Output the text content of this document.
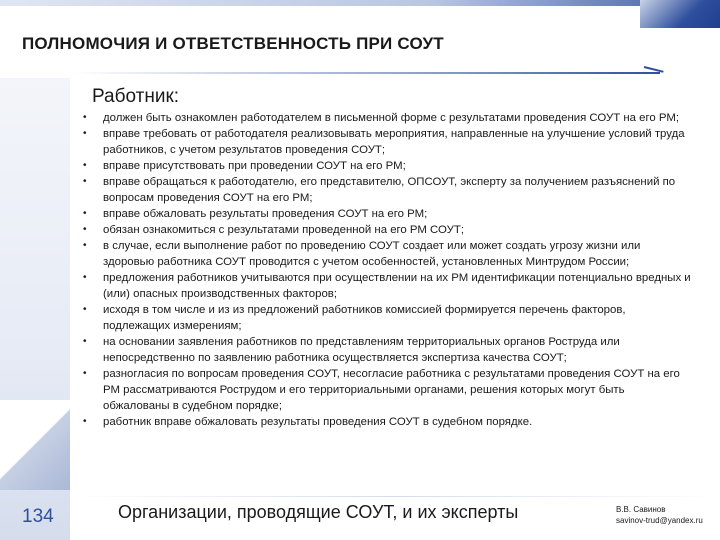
ПОЛНОМОЧИЯ И ОТВЕТСТВЕННОСТЬ ПРИ СОУТ
Работник:
• должен быть ознакомлен работодателем в письменной форме с результатами проведения СОУТ на его РМ;
• вправе требовать от работодателя реализовывать мероприятия, направленные на улучшение условий труда работников, с учетом результатов проведения СОУТ;
• вправе присутствовать при проведении СОУТ на его РМ;
• вправе обращаться к работодателю, его представителю, ОПСОУТ, эксперту за получением разъяснений по вопросам проведения СОУТ на его РМ;
• вправе обжаловать результаты проведения СОУТ на его РМ;
• обязан ознакомиться с результатами проведенной на его РМ СОУТ;
• в случае, если выполнение работ по проведению СОУТ создает или может создать угрозу жизни или здоровью работника СОУТ проводится с учетом особенностей, установленных Минтрудом России;
• предложения работников учитываются при осуществлении на их РМ идентификации потенциально вредных и (или) опасных производственных факторов;
• исходя в том числе и из из предложений работников комиссией формируется перечень факторов, подлежащих измерениям;
• на основании заявления работников по представлениям территориальных органов Роструда или непосредственно по заявлению работника осуществляется экспертиза качества СОУТ;
• разногласия по вопросам проведения СОУТ, несогласие работника с результатами проведения СОУТ на его РМ рассматриваются Рострудом и его территориальными органами, решения которых могут быть обжалованы в судебном порядке;
• работник вправе обжаловать результаты проведения СОУТ в судебном порядке.
134	Организации, проводящие СОУТ, и их эксперты	В.В. Савинов
savinov-trud@yandex.ru
